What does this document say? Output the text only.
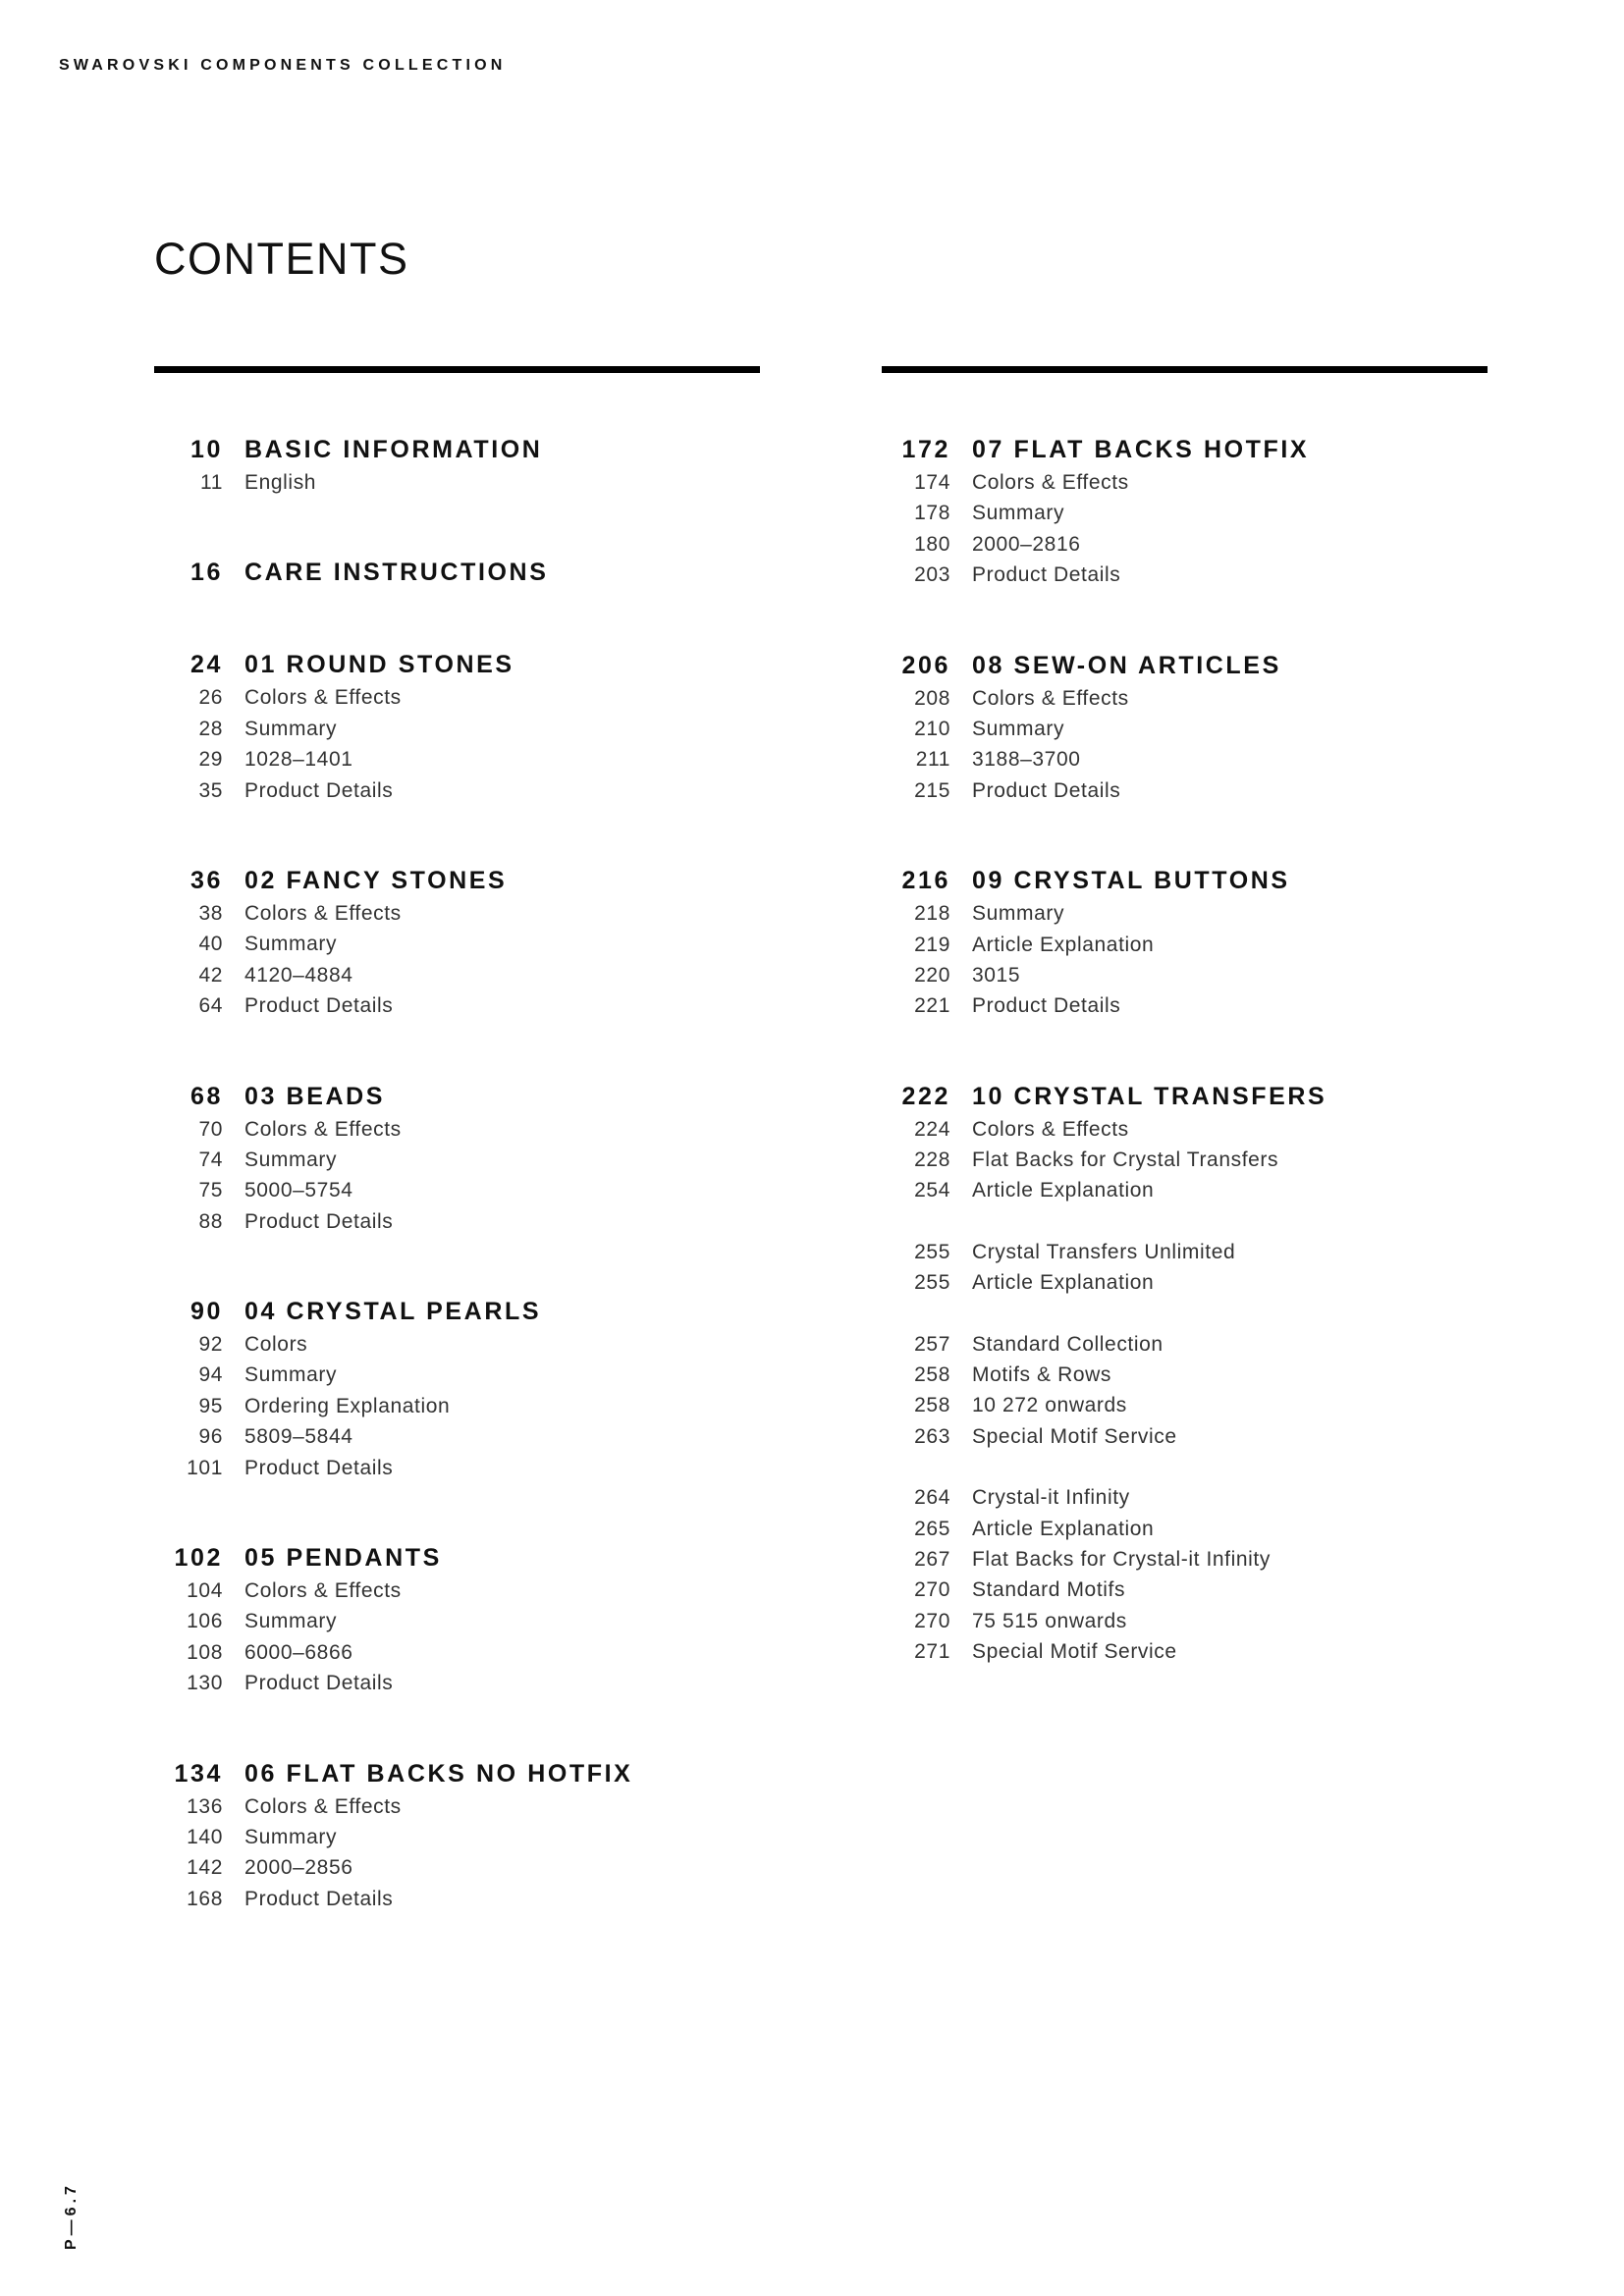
SWAROVSKI COMPONENTS COLLECTION
CONTENTS
10 BASIC INFORMATION
11 English
16 CARE INSTRUCTIONS
24 01 ROUND STONES
26 Colors & Effects
28 Summary
29 1028–1401
35 Product Details
36 02 FANCY STONES
38 Colors & Effects
40 Summary
42 4120–4884
64 Product Details
68 03 BEADS
70 Colors & Effects
74 Summary
75 5000–5754
88 Product Details
90 04 CRYSTAL PEARLS
92 Colors
94 Summary
95 Ordering Explanation
96 5809–5844
101 Product Details
102 05 PENDANTS
104 Colors & Effects
106 Summary
108 6000–6866
130 Product Details
134 06 FLAT BACKS NO HOTFIX
136 Colors & Effects
140 Summary
142 2000–2856
168 Product Details
172 07 FLAT BACKS HOTFIX
174 Colors & Effects
178 Summary
180 2000–2816
203 Product Details
206 08 SEW-ON ARTICLES
208 Colors & Effects
210 Summary
211 3188–3700
215 Product Details
216 09 CRYSTAL BUTTONS
218 Summary
219 Article Explanation
220 3015
221 Product Details
222 10 CRYSTAL TRANSFERS
224 Colors & Effects
228 Flat Backs for Crystal Transfers
254 Article Explanation
255 Crystal Transfers Unlimited
255 Article Explanation
257 Standard Collection
258 Motifs & Rows
258 10 272 onwards
263 Special Motif Service
264 Crystal-it Infinity
265 Article Explanation
267 Flat Backs for Crystal-it Infinity
270 Standard Motifs
270 75 515 onwards
271 Special Motif Service
P—6.7
